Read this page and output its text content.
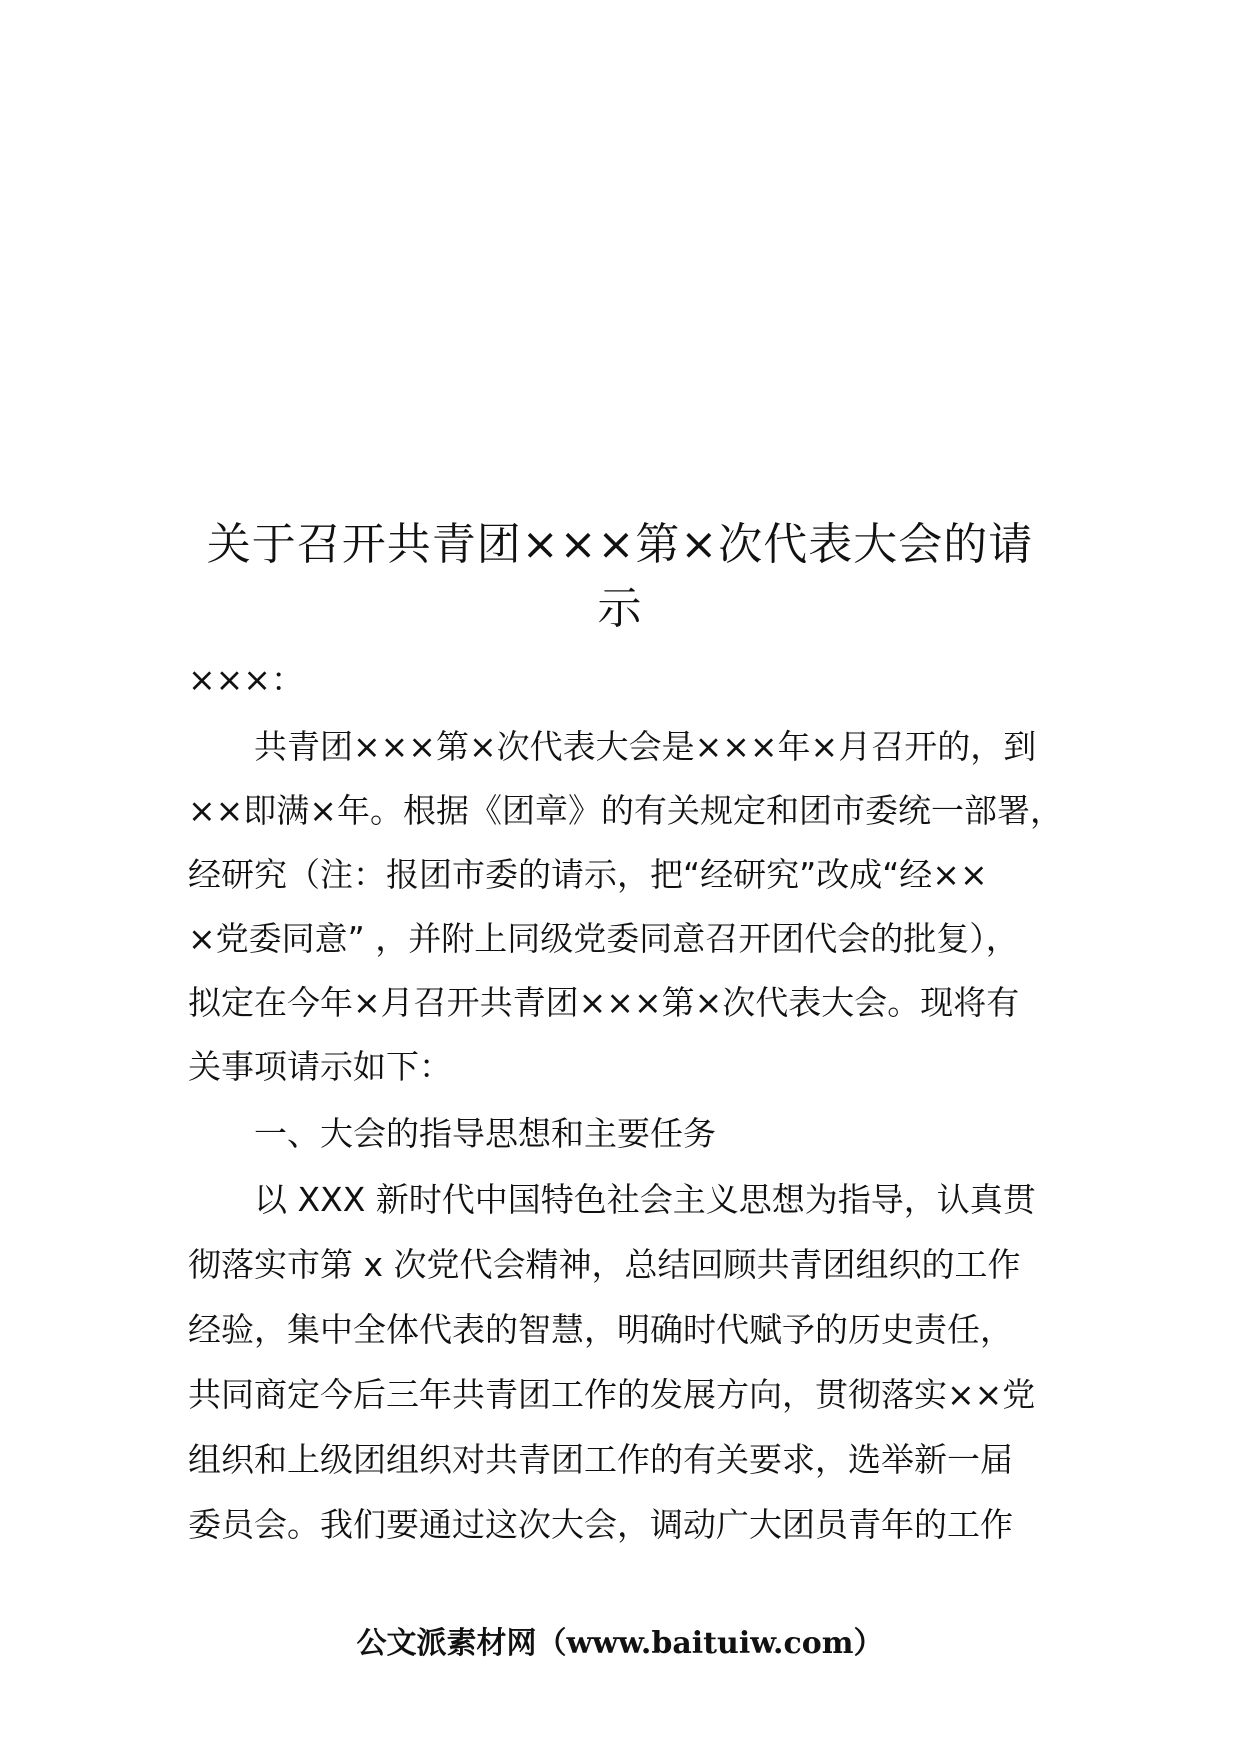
关于召开共青团×××第×次代表大会的请
示
×××：
共青团×××第×次代表大会是×××年×月召开的，到
××即满×年。根据《团章》的有关规定和团市委统一部署，
经研究（注：报团市委的请示，把“经研究”改成“经××
×党委同意” ，并附上同级党委同意召开团代会的批复），
拟定在今年×月召开共青团×××第×次代表大会。现将有
关事项请示如下：
一、大会的指导思想和主要任务
以 XXX 新时代中国特色社会主义思想为指导，认真贯
彻落实市第 x 次党代会精神，总结回顾共青团组织的工作
经验，集中全体代表的智慧，明确时代赋予的历史责任，
共同商定今后三年共青团工作的发展方向，贯彻落实××党
组织和上级团组织对共青团工作的有关要求，选举新一届
委员会。我们要通过这次大会，调动广大团员青年的工作
公文派素材网（www.baituiw.com）
